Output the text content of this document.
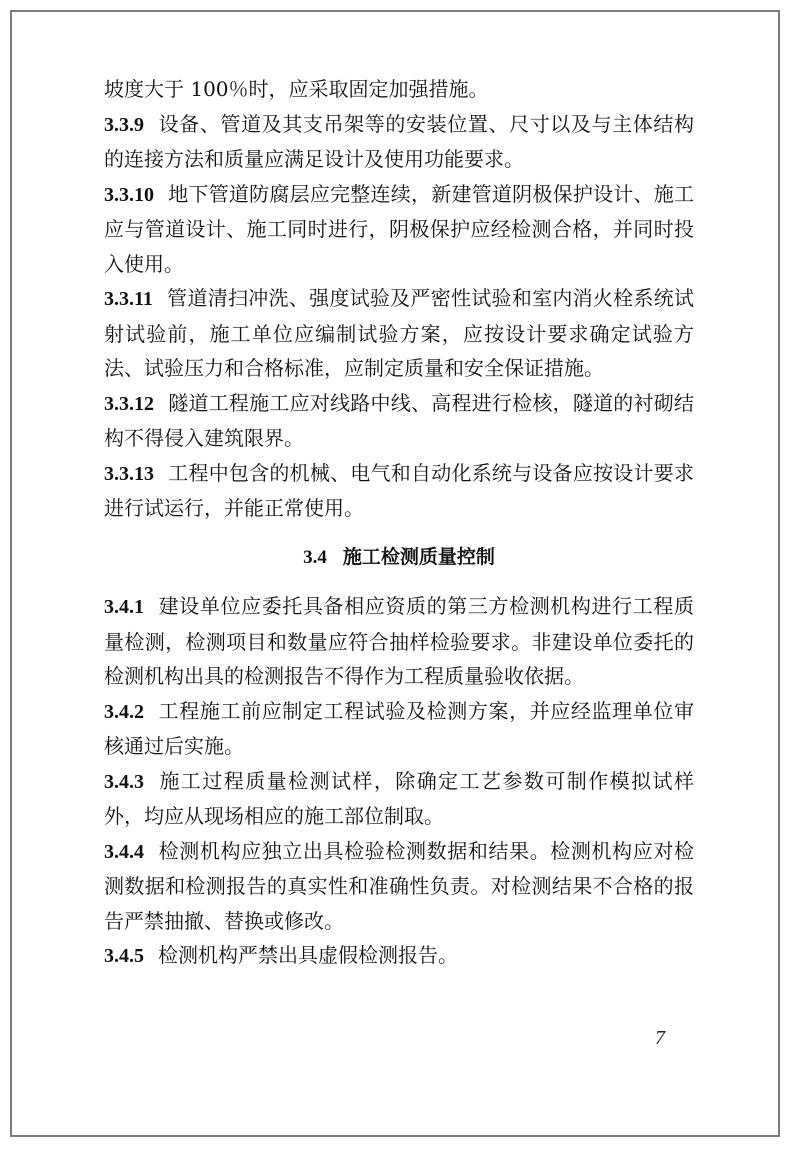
坡度大于 100％时，应采取固定加强措施。

3.3.9 设备、管道及其支吊架等的安装位置、尺寸以及与主体结构的连接方法和质量应满足设计及使用功能要求。

3.3.10 地下管道防腐层应完整连续，新建管道阴极保护设计、施工应与管道设计、施工同时进行，阴极保护应经检测合格，并同时投入使用。

3.3.11 管道清扫冲洗、强度试验及严密性试验和室内消火栓系统试射试验前，施工单位应编制试验方案，应按设计要求确定试验方法、试验压力和合格标准，应制定质量和安全保证措施。

3.3.12 隧道工程施工应对线路中线、高程进行检核，隧道的衬砌结构不得侵入建筑限界。

3.3.13 工程中包含的机械、电气和自动化系统与设备应按设计要求进行试运行，并能正常使用。

3.4 施工检测质量控制

3.4.1 建设单位应委托具备相应资质的第三方检测机构进行工程质量检测，检测项目和数量应符合抽样检验要求。非建设单位委托的检测机构出具的检测报告不得作为工程质量验收依据。

3.4.2 工程施工前应制定工程试验及检测方案，并应经监理单位审核通过后实施。

3.4.3 施工过程质量检测试样，除确定工艺参数可制作模拟试样外，均应从现场相应的施工部位制取。

3.4.4 检测机构应独立出具检验检测数据和结果。检测机构应对检测数据和检测报告的真实性和准确性负责。对检测结果不合格的报告严禁抽撤、替换或修改。

3.4.5 检测机构严禁出具虚假检测报告。

7
